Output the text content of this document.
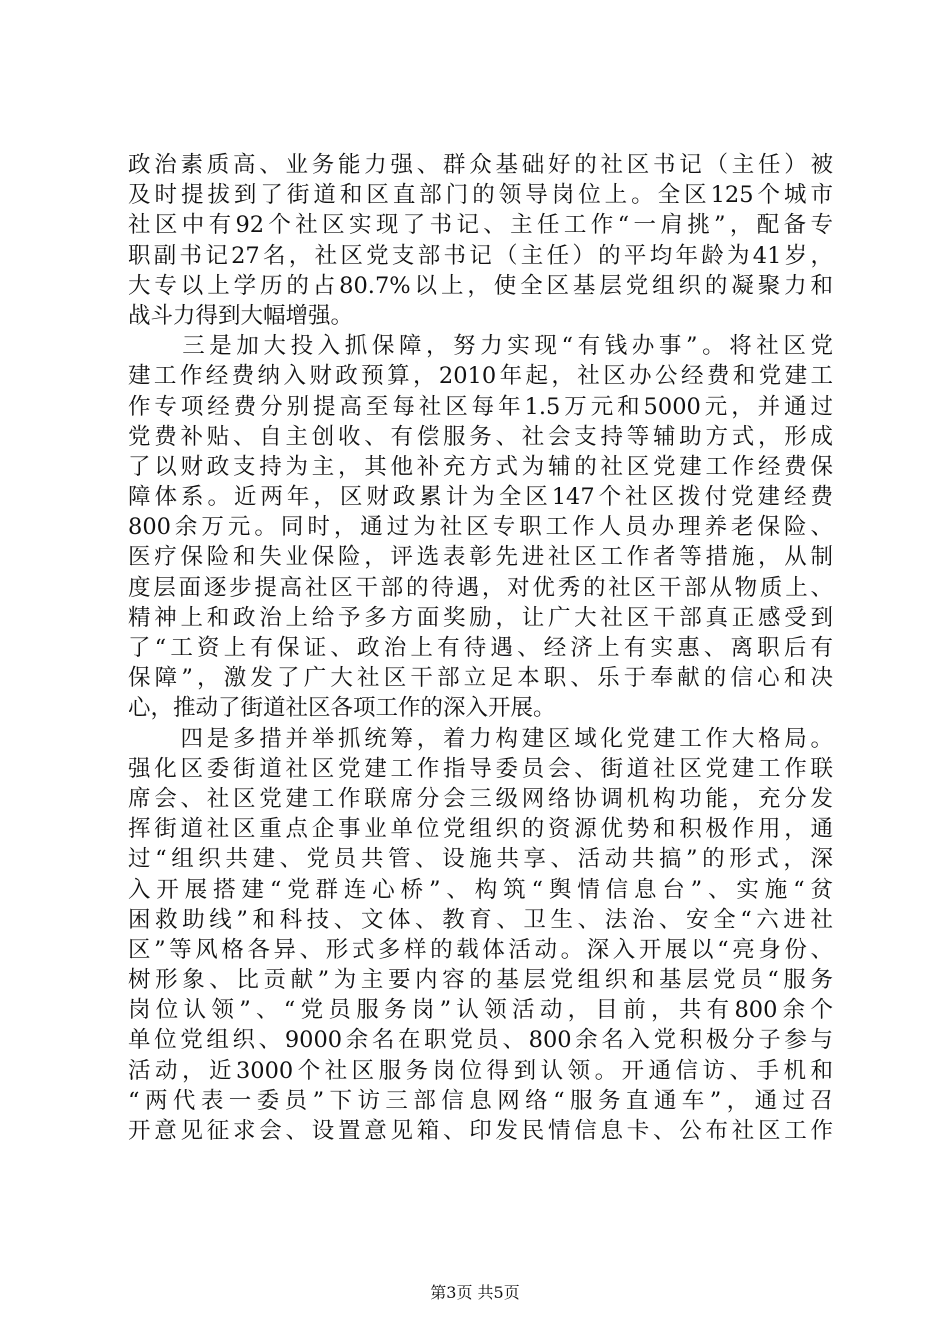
政治素质高、业务能力强、群众基础好的社区书记（主任）被
及时提拔到了街道和区直部门的领导岗位上。全区125个城市
社区中有92个社区实现了书记、主任工作“一肩挑”，配备专
职副书记27名，社区党支部书记（主任）的平均年龄为41岁，
大专以上学历的占80.7%以上，使全区基层党组织的凝聚力和
战斗力得到大幅增强。
　　三是加大投入抓保障，努力实现“有钱办事”。将社区党
建工作经费纳入财政预算，2010年起，社区办公经费和党建工
作专项经费分别提高至每社区每年1.5万元和5000元，并通过
党费补贴、自主创收、有偿服务、社会支持等辅助方式，形成
了以财政支持为主，其他补充方式为辅的社区党建工作经费保
障体系。近两年，区财政累计为全区147个社区拨付党建经费
800余万元。同时，通过为社区专职工作人员办理养老保险、
医疗保险和失业保险，评选表彰先进社区工作者等措施，从制
度层面逐步提高社区干部的待遇，对优秀的社区干部从物质上、
精神上和政治上给予多方面奖励，让广大社区干部真正感受到
了“工资上有保证、政治上有待遇、经济上有实惠、离职后有
保障”，激发了广大社区干部立足本职、乐于奉献的信心和决
心，推动了街道社区各项工作的深入开展。
　　四是多措并举抓统筹，着力构建区域化党建工作大格局。
强化区委街道社区党建工作指导委员会、街道社区党建工作联
席会、社区党建工作联席分会三级网络协调机构功能，充分发
挥街道社区重点企事业单位党组织的资源优势和积极作用，通
过“组织共建、党员共管、设施共享、活动共搞”的形式，深
入开展搭建“党群连心桥”、构筑“舆情信息台”、实施“贫
困救助线”和科技、文体、教育、卫生、法治、安全“六进社
区”等风格各异、形式多样的载体活动。深入开展以“亮身份、
树形象、比贡献”为主要内容的基层党组织和基层党员“服务
岗位认领”、“党员服务岗”认领活动，目前，共有800余个
单位党组织、9000余名在职党员、800余名入党积极分子参与
活动，近3000个社区服务岗位得到认领。开通信访、手机和
“两代表一委员”下访三部信息网络“服务直通车”，通过召
开意见征求会、设置意见箱、印发民情信息卡、公布社区工作
第3页 共5页
